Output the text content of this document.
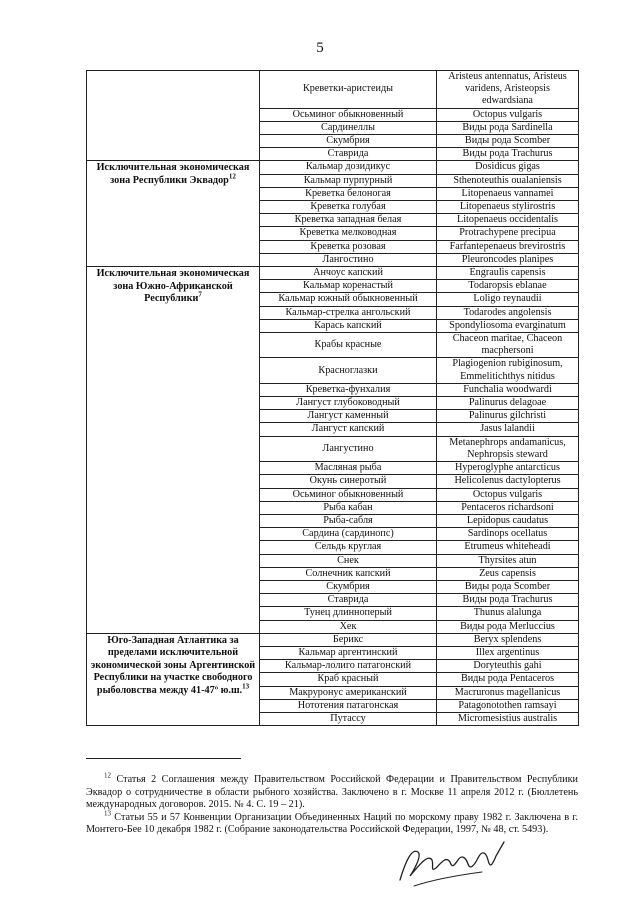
5
	Креветки-аристеиды	Aristeus antennatus, Aristeus varidens, Aristeopsis edwardsiana
	Осьминог обыкновенный	Octopus vulgaris
	Сардинеллы	Виды рода Sardinella
	Скумбрия	Виды рода Scomber
	Ставрида	Виды рода Trachurus
Исключительная экономическая зона Республики Эквадор$^{12}$	Кальмар дозидикус	Dosidicus gigas
	Кальмар пурпурный	Sthenoteuthis oualaniensis
	Креветка белоногая	Litopenaeus vannamei
	Креветка голубая	Litopenaeus stylirostris
	Креветка западная белая	Litopenaeus occidentalis
	Креветка мелководная	Protrachypene precipua
	Креветка розовая	Farfantepenaeus brevirostris
	Лангостино	Pleuroncodes planipes
Исключительная экономическая зона Южно-Африканской Республики$^7$	Анчоус капский	Engraulis capensis
	Кальмар коренастый	Todaropsis eblanae
	Кальмар южный обыкновенный	Loligo reynaudii
	Кальмар-стрелка ангольский	Todarodes angolensis
	Карась капский	Spondyliosoma evarginatum
	Крабы красные	Chaceon maritae, Chaceon macphersoni
	Красноглазки	Plagiogenion rubiginosum, Emmelitichthys nitidus
	Креветка-фунхалия	Funchalia woodwardi
	Лангуст глубоководный	Palinurus delagoae
	Лангуст каменный	Palinurus gilchristi
	Лангуст капский	Jasus lalandii
	Лангустино	Metanephrops andamanicus, Nephropsis steward
	Масляная рыба	Hyperoglyphe antarcticus
	Окунь синеротый	Helicolenus dactylopterus
	Осьминог обыкновенный	Octopus vulgaris
	Рыба кабан	Pentaceros richardsoni
	Рыба-сабля	Lepidopus caudatus
	Сардина (сардинопс)	Sardinops ocellatus
	Сельдь круглая	Etrumeus whiteheadi
	Снек	Thyrsites atun
	Солнечник капский	Zeus capensis
	Скумбрия	Виды рода Scomber
	Ставрида	Виды рода Trachurus
	Тунец длинноперый	Thunus alalunga
	Хек	Виды рода Merluccius
Юго-Западная Атлантика за пределами исключительной экономической зоны Аргентинской Республики на участке свободного рыболовства между 41-47º ю.ш.$^{13}$	Берикс	Beryx splendens
	Кальмар аргентинский	Illex argentinus
	Кальмар-лолиго патагонский	Doryteuthis gahi
	Краб красный	Виды рода Pentaceros
	Макруронус американский	Macruronus magellanicus
	Нототения патагонская	Patagonotothen ramsayi
	Путассу	Micromesistius australis

$^{12}$ Статья 2 Соглашения между Правительством Российской Федерации и Правительством Республики Эквадор о сотрудничестве в области рыбного хозяйства. Заключено в г. Москве 11 апреля 2012 г. (Бюллетень международных договоров. 2015. № 4. С. 19 – 21).

$^{13}$ Статьи 55 и 57 Конвенции Организации Объединенных Наций по морскому праву 1982 г. Заключена в г. Монтего-Бее 10 декабря 1982 г. (Собрание законодательства Российской Федерации, 1997, № 48, ст. 5493).
